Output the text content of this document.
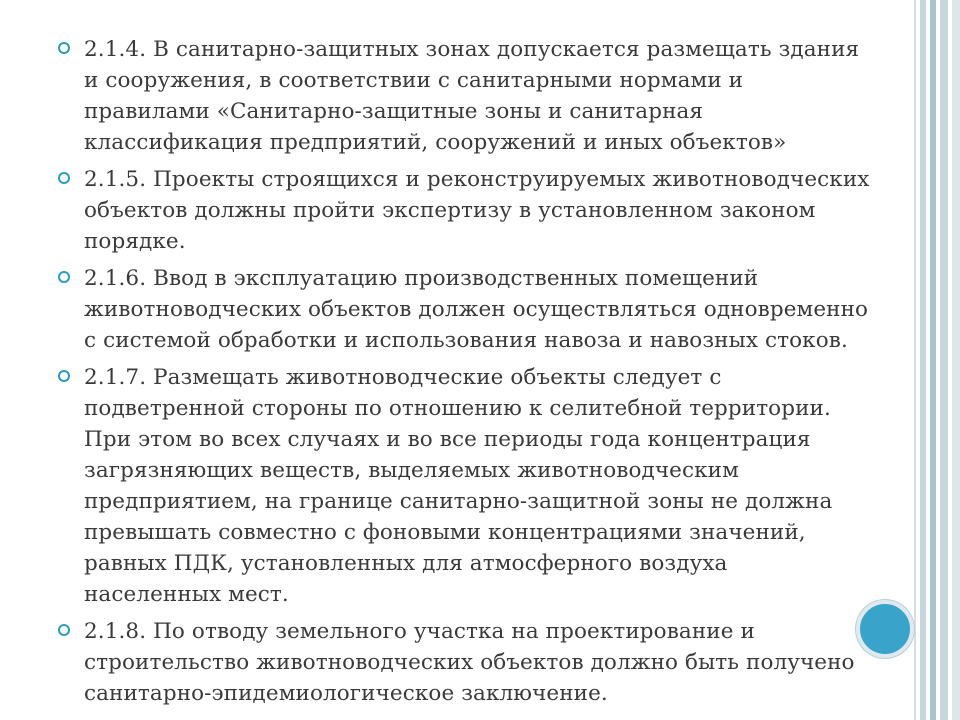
2.1.4. В санитарно-защитных зонах допускается размещать здания
и сооружения, в соответствии с санитарными нормами и
правилами «Санитарно-защитные зоны и санитарная
классификация предприятий, сооружений и иных объектов»
2.1.5. Проекты строящихся и реконструируемых животноводческих
объектов должны пройти экспертизу в установленном законом
порядке.
2.1.6. Ввод в эксплуатацию производственных помещений
животноводческих объектов должен осуществляться одновременно
с системой обработки и использования навоза и навозных стоков.
2.1.7. Размещать животноводческие объекты следует с
подветренной стороны по отношению к селитебной территории.
При этом во всех случаях и во все периоды года концентрация
загрязняющих веществ, выделяемых животноводческим
предприятием, на границе санитарно-защитной зоны не должна
превышать совместно с фоновыми концентрациями значений,
равных ПДК, установленных для атмосферного воздуха
населенных мест.
2.1.8. По отводу земельного участка на проектирование и
строительство животноводческих объектов должно быть получено
санитарно-эпидемиологическое заключение.
